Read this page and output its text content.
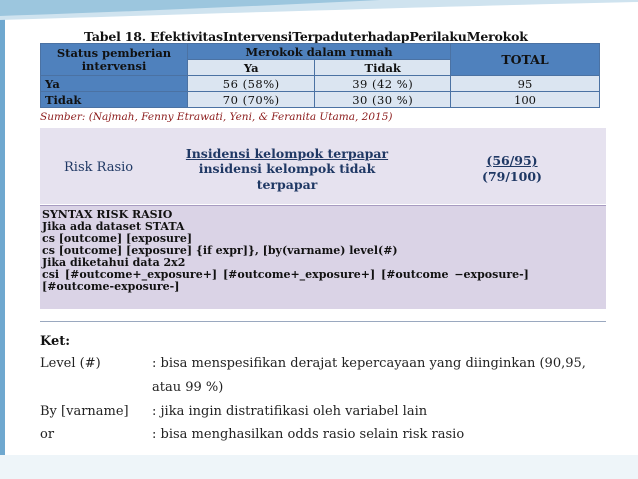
Tabel 18. EfektivitasIntervensiTerpaduterhadapPerilakuMerokok
Status pemberian intervensi	Merokok dalam rumah		TOTAL
	Ya	Tidak	
Ya	56 (58%)	39 (42 %)	95
Tidak	70 (70%)	30 (30 %)	100
Sumber: (Najmah, Fenny Etrawati, Yeni, & Feranita Utama, 2015)
Risk Rasio
Insidensi kelompok terpapar
insidensi kelompok tidak
terpapar	$\frac{(56/95)}{(79/100)}$
SYNTAX RISK RASIO
Jika ada dataset STATA
cs [outcome] [exposure]
cs [outcome] [exposure] {if expr]}, [by(varname) level(#)
Jika diketahui data 2x2
csi [#outcome+_exposure+] [#outcome+_exposure+] [#outcome −exposure-] [#outcome-exposure-]
Ket:
Level (#)	: bisa menspesifikan derajat kepercayaan yang diinginkan (90,95,
atau 99 %)
By [varname] : jika ingin distratifikasi oleh variabel lain
or	: bisa menghasilkan odds rasio selain risk rasio
